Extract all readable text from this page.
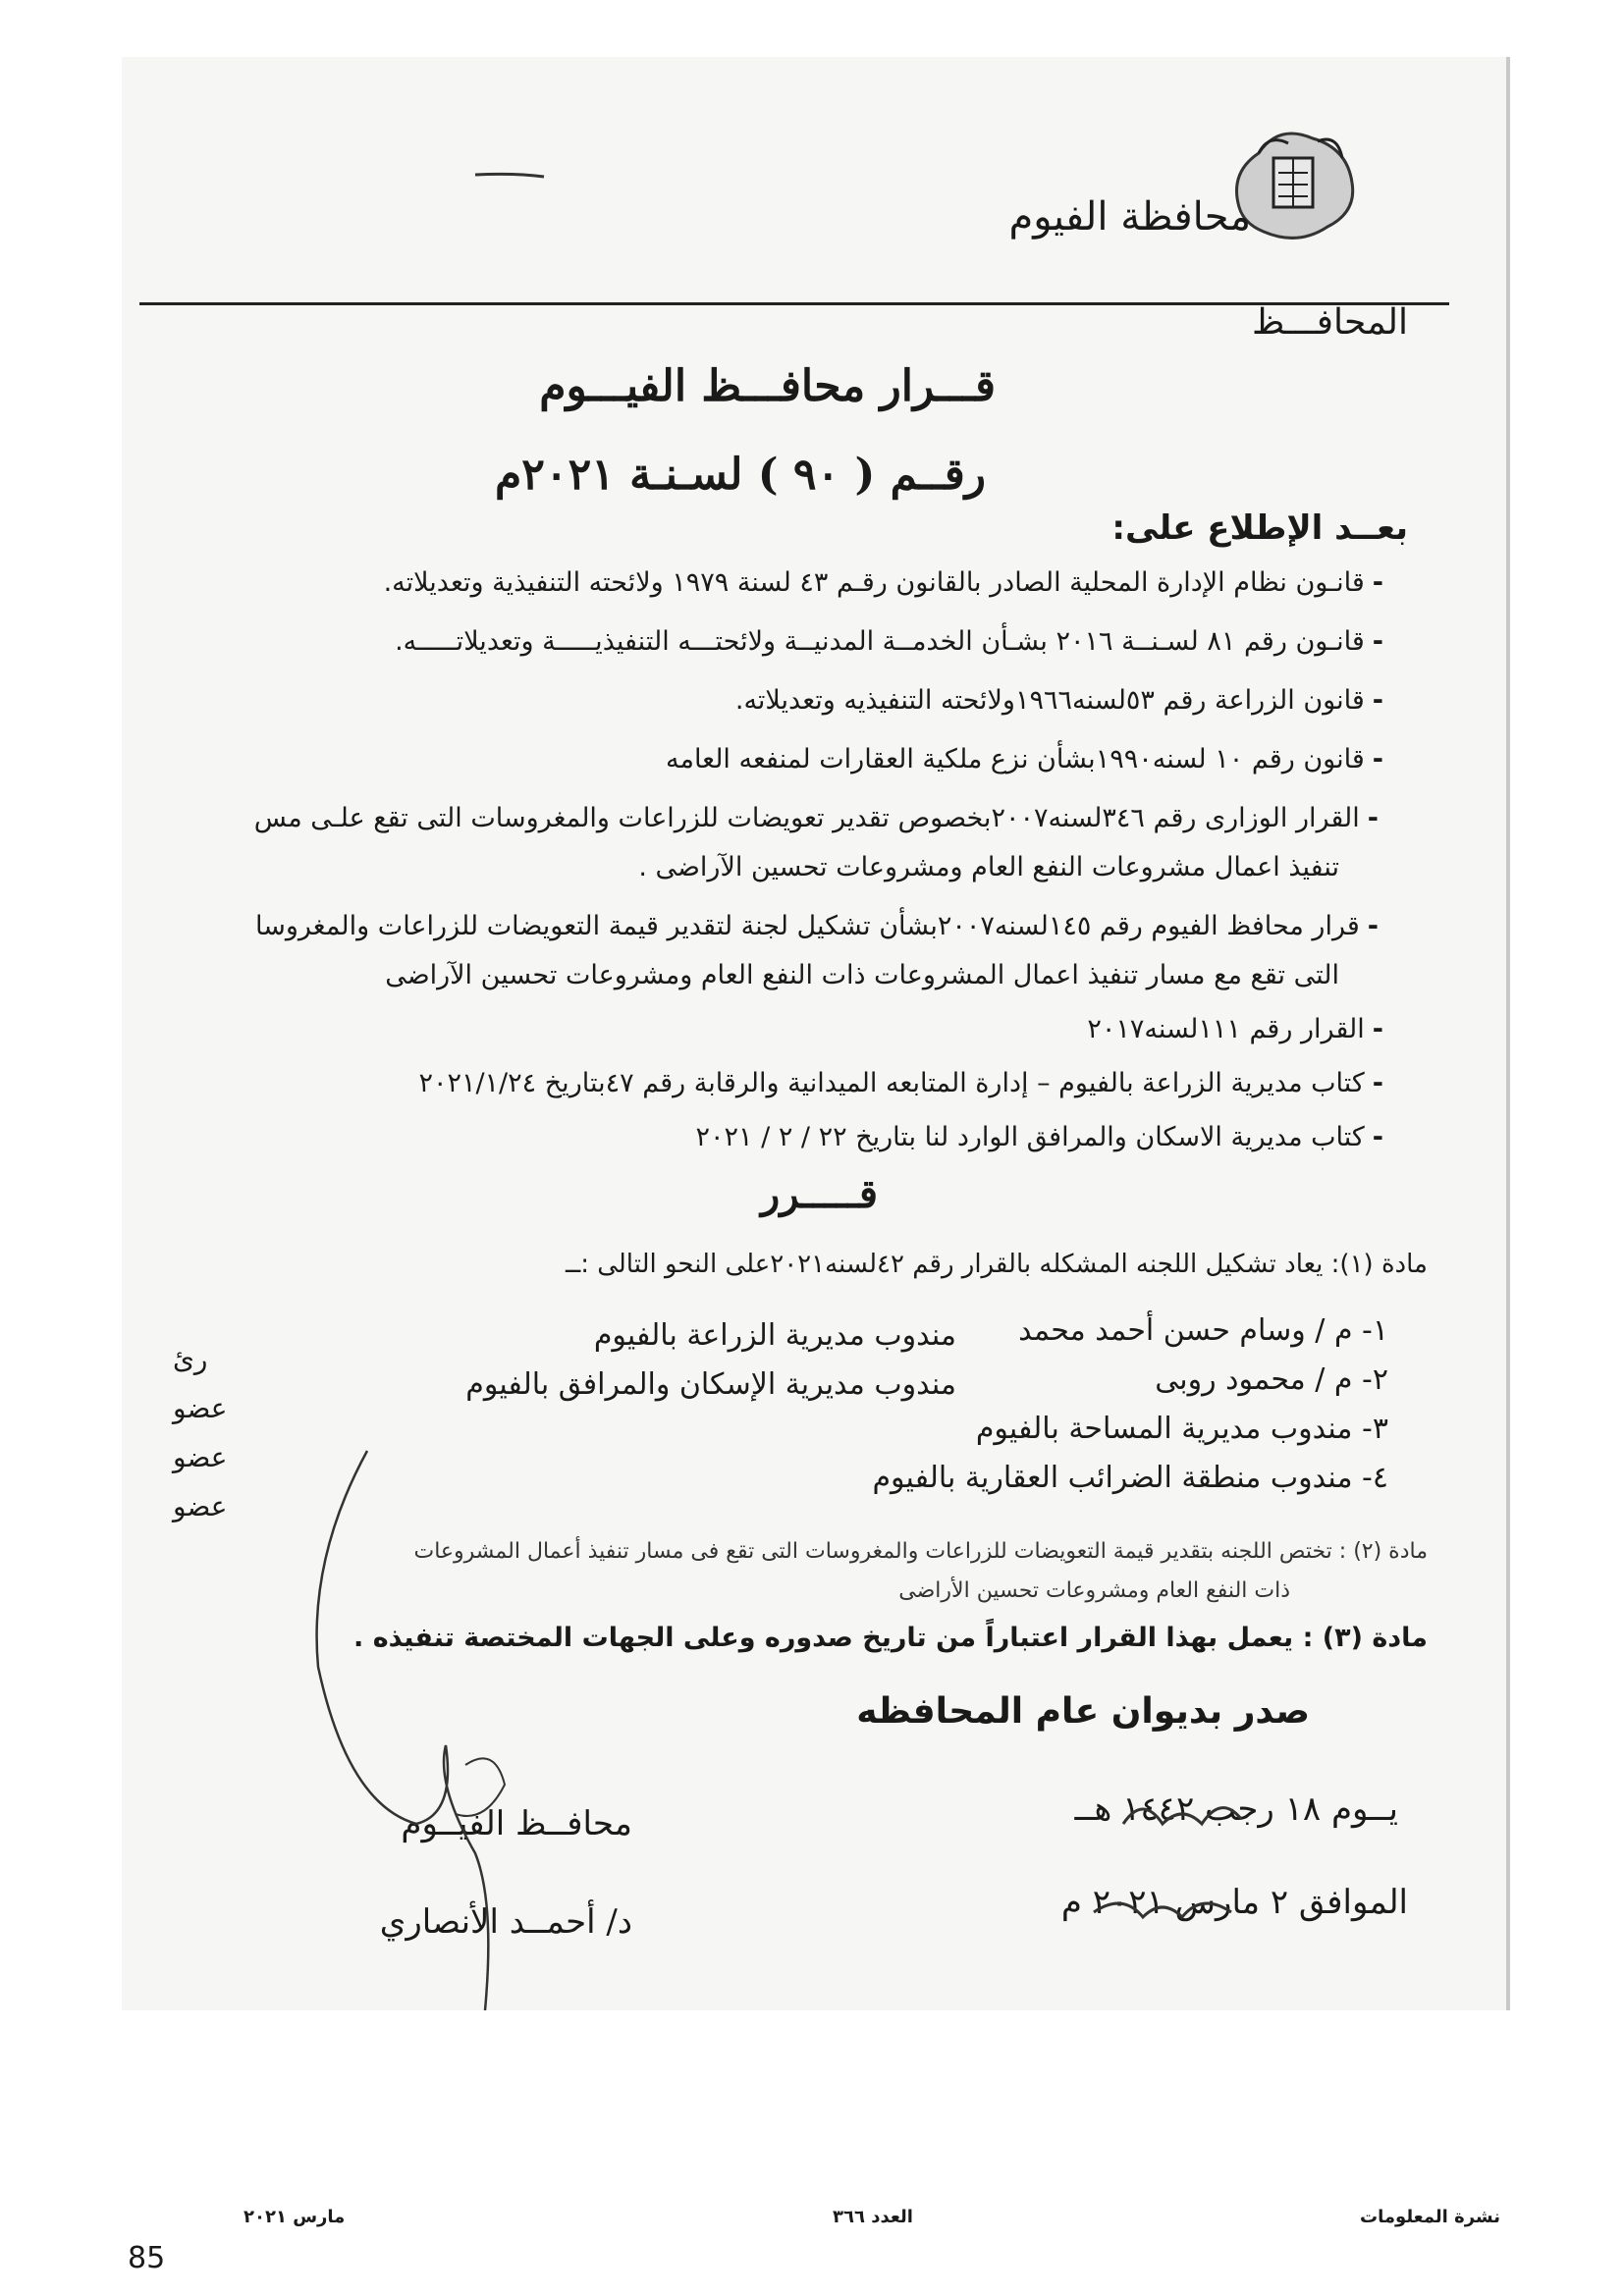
محافظة الفيوم
المحافـــظ
قـــرار محافـــظ الفيـــوم
رقــم ( ٩٠ ) لسـنـة ٢٠٢١م
بعــد الإطلاع على:
-قانـون نظام الإدارة المحلية الصادر بالقانون رقـم ٤٣ لسنة ١٩٧٩ ولائحته التنفيذية وتعديلاته.
-قانـون رقم ٨١ لسـنــة ٢٠١٦ بشـأن الخدمــة المدنيــة ولائحتـــه التنفيذيـــــة وتعديلاتـــــه.
-قانون الزراعة رقم ٥٣لسنه١٩٦٦ولائحته التنفيذيه وتعديلاته.
-قانون رقم ١٠ لسنه١٩٩٠بشأن نزع ملكية العقارات لمنفعه العامه
-القرار الوزارى رقم ٣٤٦لسنه٢٠٠٧بخصوص تقدير تعويضات للزراعات والمغروسات التى تقع علـى مس
تنفيذ اعمال مشروعات النفع العام ومشروعات تحسين الآراضى .
-قرار محافظ الفيوم رقم ١٤٥لسنه٢٠٠٧بشأن تشكيل لجنة لتقدير قيمة التعويضات للزراعات والمغروسا
التى تقع مع مسار تنفيذ اعمال المشروعات ذات النفع العام ومشروعات تحسين الآراضى
-القرار رقم ١١١لسنه٢٠١٧
-كتاب مديرية الزراعة بالفيوم – إدارة المتابعه الميدانية والرقابة رقم ٤٧بتاريخ ٢٠٢١/١/٢٤
-كتاب مديرية الاسكان والمرافق الوارد لنا بتاريخ ٢٢ / ٢ / ٢٠٢١
قـــــرر
مادة (١): يعاد تشكيل اللجنه المشكله بالقرار رقم ٤٢لسنه٢٠٢١على النحو التالى :ــ
١- م / وسام حسن أحمد محمد
٢- م / محمود روبى
٣- مندوب مديرية المساحة بالفيوم
٤- مندوب منطقة الضرائب العقارية بالفيوم
مندوب مديرية الزراعة بالفيوم
مندوب مديرية الإسكان والمرافق بالفيوم
رئ
عضو
عضو
عضو
مادة (٢) : تختص اللجنه بتقدير قيمة التعويضات للزراعات والمغروسات التى تقع فى مسار تنفيذ أعمال المشروعات
ذات النفع العام ومشروعات تحسين الأراضى
مادة (٣) : يعمل بهذا القرار اعتباراً من تاريخ صدوره وعلى الجهات المختصة تنفيذه .
صدر بديوان عام المحافظه
يــوم ١٨ رجب ١٤٤٢ هــ
الموافق ٢ مارس ٢٠٢١ م
محافــظ الفيــوم
د/ أحمــد الأنصاري
نشرة المعلومات
العدد ٣٦٦
مارس ٢٠٢١
85
